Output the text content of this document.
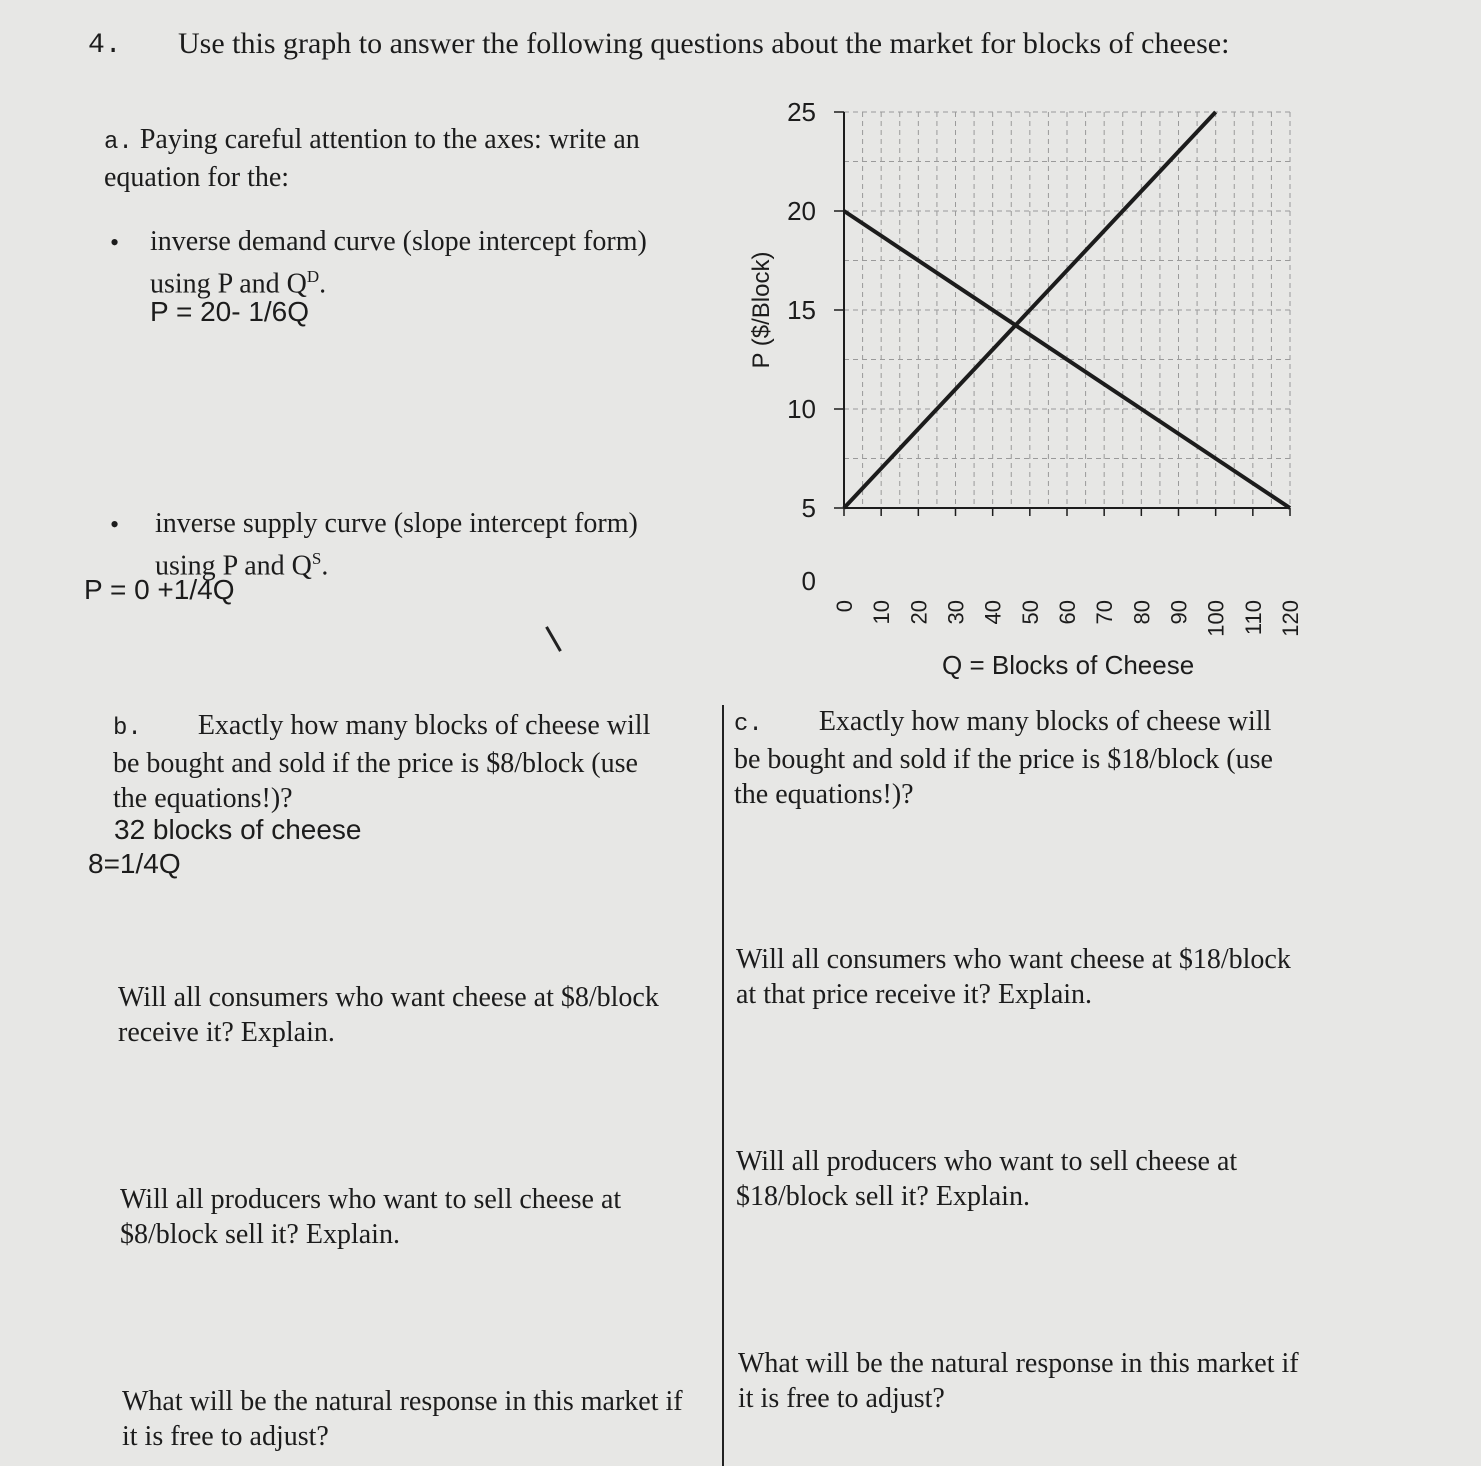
4. Use this graph to answer the following questions about the market for blocks of cheese:
a. Paying careful attention to the axes: write an
equation for the:
• inverse demand curve (slope intercept form)
using P and $Q^D$.
P = 20- 1/6Q
• inverse supply curve (slope intercept form)
using P and $Q^S$.
P = 0 +1/4Q
25
20
15
10
5
0
0 10 20 30 40 50 60 70 80 90 100 110 120
P ($/Block)
Q = Blocks of Cheese
b. Exactly how many blocks of cheese will
be bought and sold if the price is $8/block (use
the equations!)?
32 blocks of cheese
8=1/4Q
Will all consumers who want cheese at $8/block
receive it? Explain.
Will all producers who want to sell cheese at
$8/block sell it? Explain.
What will be the natural response in this market if
it is free to adjust?
c. Exactly how many blocks of cheese will
be bought and sold if the price is $18/block (use
the equations!)?
Will all consumers who want cheese at $18/block
at that price receive it? Explain.
Will all producers who want to sell cheese at
$18/block sell it? Explain.
What will be the natural response in this market if
it is free to adjust?
